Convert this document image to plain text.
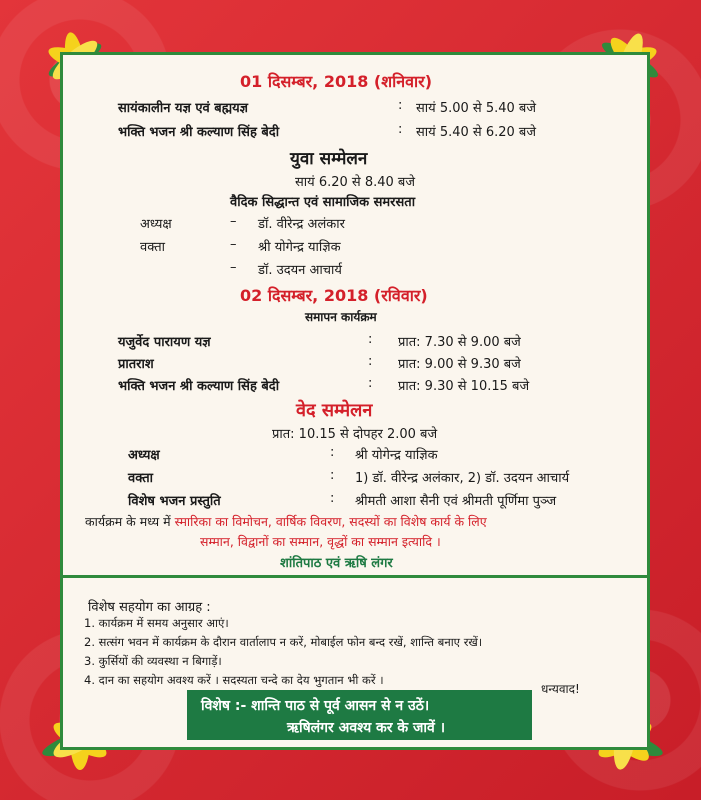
01 दिसम्बर, 2018 (शनिवार)
सायंकालीन यज्ञ एवं बह्मयज्ञ	: सायं 5.00 से 5.40 बजे
भक्ति भजन श्री कल्याण सिंह बेदी	: सायं 5.40 से 6.20 बजे
युवा सम्मेलन
सायं 6.20 से 8.40 बजे
वैदिक सिद्धान्त एवं सामाजिक समरसता
अध्यक्ष	– डॉ. वीरेन्द्र अलंकार
वक्ता	– श्री योगेन्द्र याज्ञिक
– डॉ. उदयन आचार्य
02 दिसम्बर, 2018 (रविवार)
समापन कार्यक्रम
यजुर्वेद पारायण यज्ञ	: प्रात: 7.30 से 9.00 बजे
प्रातराश	: प्रात: 9.00 से 9.30 बजे
भक्ति भजन श्री कल्याण सिंह बेदी	: प्रात: 9.30 से 10.15 बजे
वेद सम्मेलन
प्रात: 10.15 से दोपहर 2.00 बजे
अध्यक्ष	: श्री योगेन्द्र याज्ञिक
वक्ता	: 1) डॉ. वीरेन्द्र अलंकार, 2) डॉ. उदयन आचार्य
विशेष भजन प्रस्तुति	: श्रीमती आशा सैनी एवं श्रीमती पूर्णिमा पुञ्ज
कार्यक्रम के मध्य में स्मारिका का विमोचन, वार्षिक विवरण, सदस्यों का विशेष कार्य के लिए
सम्मान, विद्वानों का सम्मान, वृद्धों का सम्मान इत्यादि ।
शांतिपाठ एवं ऋषि लंगर
विशेष सहयोग का आग्रह :
1. कार्यक्रम में समय अनुसार आएं।
2. सत्संग भवन में कार्यक्रम के दौरान वार्तालाप न करें, मोबाईल फोन बन्द रखें, शान्ति बनाए रखें।
3. कुर्सियों की व्यवस्था न बिगाड़ें।
4. दान का सहयोग अवश्य करें । सदस्यता चन्दे का देय भुगतान भी करें ।
धन्यवाद!
विशेष :- शान्ति पाठ से पूर्व आसन से न उठें।
ऋषिलंगर अवश्य कर के जावें ।
